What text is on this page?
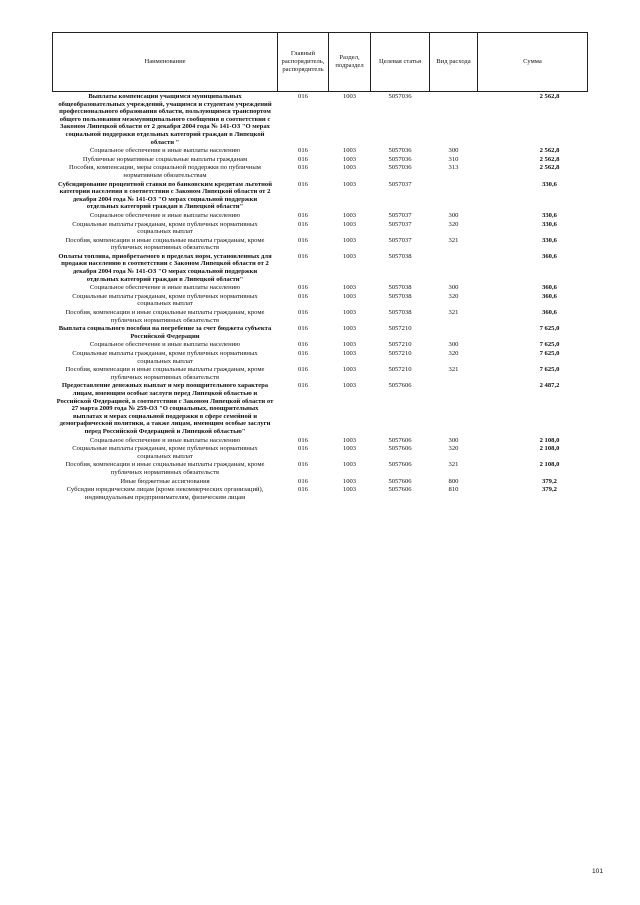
Наименование	Главный распорядитель, распорядитель	Раздел, подраздел	Целевая статья	Вид расхода	Сумма
Выплаты компенсации учащимся муниципальных общеобразовательных учреждений, учащимся и студентам учреждений профессионального образования области, пользующимся транспортом общего пользования межмуниципального сообщения в соответствии с Законом Липецкой области от 2 декабря 2004 года № 141-ОЗ "О мерах социальной поддержки отдельных категорий граждан в Липецкой области "	016	1003	5057036		2 562,8
Социальное обеспечение и иные выплаты населению	016	1003	5057036	300	2 562,8
Публичные нормативные социальные выплаты гражданам	016	1003	5057036	310	2 562,8
Пособия, компенсации, меры социальной поддержки по публичным нормативным обязательствам	016	1003	5057036	313	2 562,8
Субсидирование процентной ставки по банковским кредитам льготной категории населения в соответствии с Законом Липецкой области от 2 декабря 2004 года № 141-ОЗ "О мерах социальной поддержки отдельных категорий граждан в Липецкой области"	016	1003	5057037		330,6
Социальное обеспечение и иные выплаты населению	016	1003	5057037	300	330,6
Социальные выплаты гражданам, кроме публичных нормативных социальных выплат	016	1003	5057037	320	330,6
Пособия, компенсации и иные социальные выплаты гражданам, кроме публичных нормативных обязательств	016	1003	5057037	321	330,6
Оплаты топлива, приобретаемого в пределах норм, установленных для продажи населению в соответствии с Законом Липецкой области от 2 декабря 2004 года № 141-ОЗ "О мерах социальной поддержки отдельных категорий граждан в Липецкой области"	016	1003	5057038		360,6
Социальное обеспечение и иные выплаты населению	016	1003	5057038	300	360,6
Социальные выплаты гражданам, кроме публичных нормативных социальных выплат	016	1003	5057038	320	360,6
Пособия, компенсации и иные социальные выплаты гражданам, кроме публичных нормативных обязательств	016	1003	5057038	321	360,6
Выплата социального пособия на погребение за счет бюджета субъекта Российской Федерации	016	1003	5057210		7 625,0
Социальное обеспечение и иные выплаты населению	016	1003	5057210	300	7 625,0
Социальные выплаты гражданам, кроме публичных нормативных социальных выплат	016	1003	5057210	320	7 625,0
Пособия, компенсации и иные социальные выплаты гражданам, кроме публичных нормативных обязательств	016	1003	5057210	321	7 625,0
Предоставление денежных выплат и мер поощрительного характера лицам, имеющим особые заслуги перед Липецкой областью и Российской Федерацией, в соответствии с Законом Липецкой области от 27 марта 2009 года № 259-ОЗ "О социальных, поощрительных выплатах и мерах социальной поддержки в сфере семейной и демографической политики, а также лицам, имеющим особые заслуги перед Российской Федерацией и Липецкой областью"	016	1003	5057606		2 487,2
Социальное обеспечение и иные выплаты населению	016	1003	5057606	300	2 108,0
Социальные выплаты гражданам, кроме публичных нормативных социальных выплат	016	1003	5057606	320	2 108,0
Пособия, компенсации и иные социальные выплаты гражданам, кроме публичных нормативных обязательств	016	1003	5057606	321	2 108,0
Иные бюджетные ассигнования	016	1003	5057606	800	379,2
Субсидии юридическим лицам (кроме некоммерческих организаций), индивидуальным предпринимателям, физическим лицам	016	1003	5057606	810	379,2
101
